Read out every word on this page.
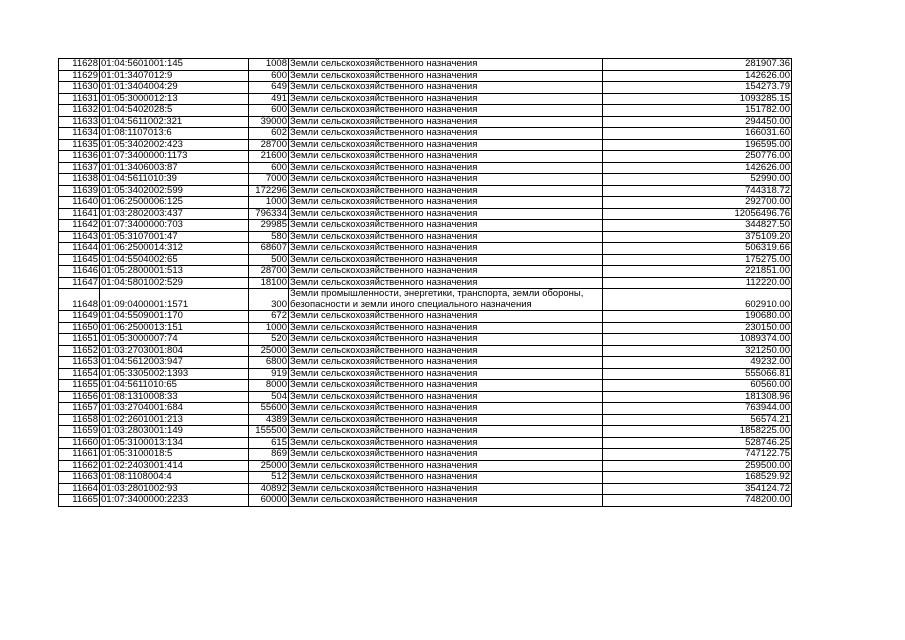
11628	01:04:5601001:145	1008	Земли сельскохозяйственного назначения	281907.36
11629	01:01:3407012:9	600	Земли сельскохозяйственного назначения	142626.00
11630	01:01:3404004:29	649	Земли сельскохозяйственного назначения	154273.79
11631	01:05:3000012:13	491	Земли сельскохозяйственного назначения	1093285.15
11632	01:04:5402028:5	600	Земли сельскохозяйственного назначения	151782.00
11633	01:04:5611002:321	39000	Земли сельскохозяйственного назначения	294450.00
11634	01:08:1107013:6	602	Земли сельскохозяйственного назначения	166031.60
11635	01:05:3402002:423	28700	Земли сельскохозяйственного назначения	196595.00
11636	01:07:3400000:1173	21600	Земли сельскохозяйственного назначения	250776.00
11637	01:01:3406003:87	600	Земли сельскохозяйственного назначения	142626.00
11638	01:04:5611010:39	7000	Земли сельскохозяйственного назначения	52990.00
11639	01:05:3402002:599	172296	Земли сельскохозяйственного назначения	744318.72
11640	01:06:2500006:125	1000	Земли сельскохозяйственного назначения	292700.00
11641	01:03:2802003:437	796334	Земли сельскохозяйственного назначения	12056496.76
11642	01:07:3400000:703	29985	Земли сельскохозяйственного назначения	344827.50
11643	01:05:3107001:47	580	Земли сельскохозяйственного назначения	375109.20
11644	01:06:2500014:312	68607	Земли сельскохозяйственного назначения	506319.66
11645	01:04:5504002:65	500	Земли сельскохозяйственного назначения	175275.00
11646	01:05:2800001:513	28700	Земли сельскохозяйственного назначения	221851.00
11647	01:04:5801002:529	18100	Земли сельскохозяйственного назначения	112220.00
11648	01:09:0400001:1571	300	Земли промышленности, энергетики, транспорта, земли обороны, безопасности и земли иного специального назначения	602910.00
11649	01:04:5509001:170	672	Земли сельскохозяйственного назначения	190680.00
11650	01:06:2500013:151	1000	Земли сельскохозяйственного назначения	230150.00
11651	01:05:3000007:74	520	Земли сельскохозяйственного назначения	1089374.00
11652	01:03:2703001:804	25000	Земли сельскохозяйственного назначения	321250.00
11653	01:04:5612003:947	6800	Земли сельскохозяйственного назначения	49232.00
11654	01:05:3305002:1393	919	Земли сельскохозяйственного назначения	555066.81
11655	01:04:5611010:65	8000	Земли сельскохозяйственного назначения	60560.00
11656	01:08:1310008:33	504	Земли сельскохозяйственного назначения	181308.96
11657	01:03:2704001:684	55600	Земли сельскохозяйственного назначения	763944.00
11658	01:02:2601001:213	4389	Земли сельскохозяйственного назначения	56574.21
11659	01:03:2803001:149	155500	Земли сельскохозяйственного назначения	1858225.00
11660	01:05:3100013:134	615	Земли сельскохозяйственного назначения	528746.25
11661	01:05:3100018:5	869	Земли сельскохозяйственного назначения	747122.75
11662	01:02:2403001:414	25000	Земли сельскохозяйственного назначения	259500.00
11663	01:08:1108004:4	512	Земли сельскохозяйственного назначения	168529.92
11664	01:03:2801002:93	40892	Земли сельскохозяйственного назначения	354124.72
11665	01:07:3400000:2233	60000	Земли сельскохозяйственного назначения	748200.00
